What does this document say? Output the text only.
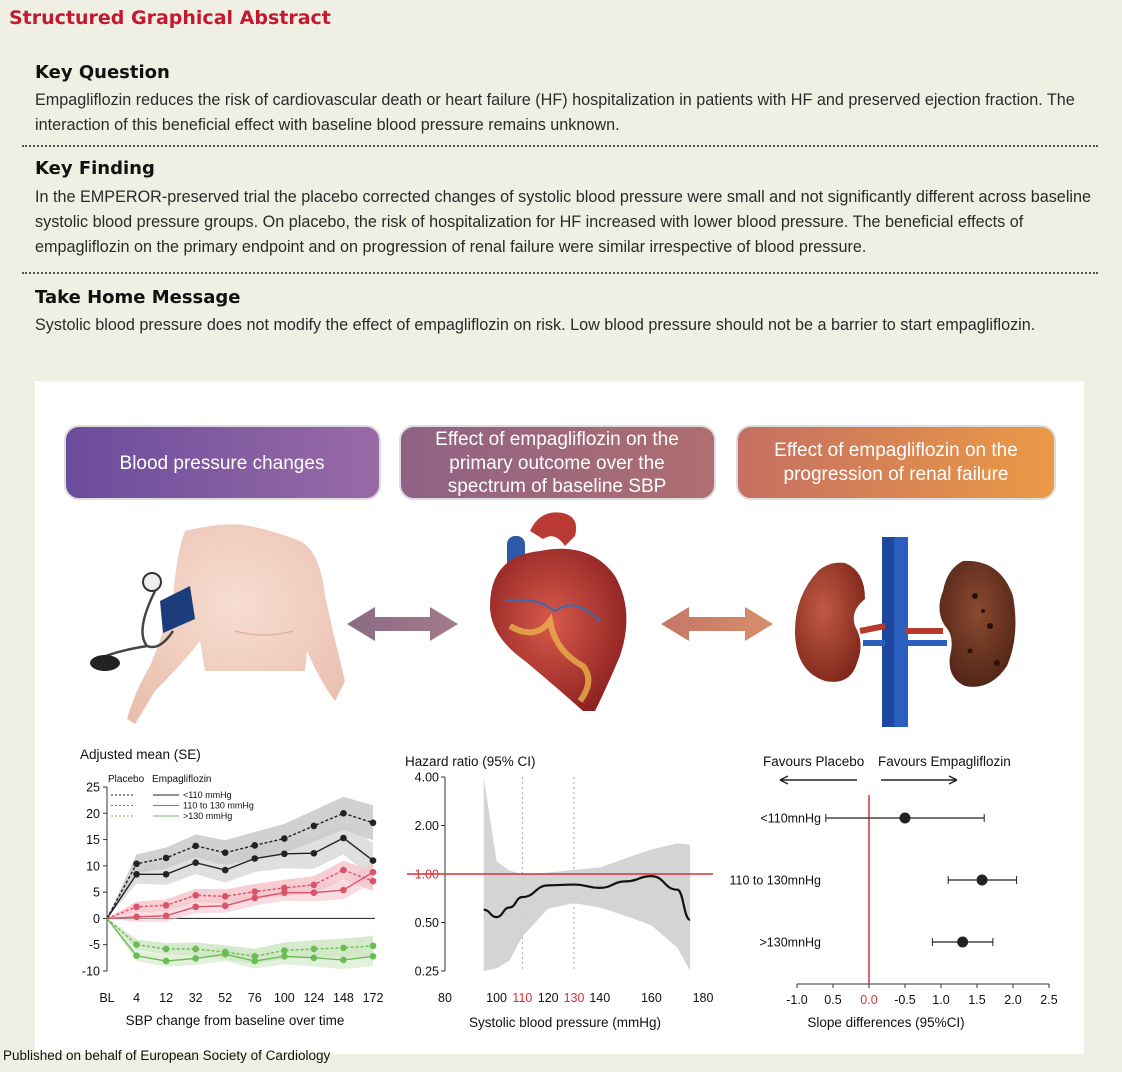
Structured Graphical Abstract
Key Question
Empagliflozin reduces the risk of cardiovascular death or heart failure (HF) hospitalization in patients with HF and preserved ejection fraction. The interaction of this beneficial effect with baseline blood pressure remains unknown.
Key Finding
In the EMPEROR-preserved trial the placebo corrected changes of systolic blood pressure were small and not significantly different across baseline systolic blood pressure groups. On placebo, the risk of hospitalization for HF increased with lower blood pressure. The beneficial effects of empagliflozin on the primary endpoint and on progression of renal failure were similar irrespective of blood pressure.
Take Home Message
Systolic blood pressure does not modify the effect of empagliflozin on risk. Low blood pressure should not be a barrier to start empagliflozin.
Blood pressure changes
Effect of empagliflozin on the
primary outcome over the
spectrum of baseline SBP
Effect of empagliflozin on the
progression of renal failure
Adjusted mean (SE)
Placebo Empagliflozin
<110 mmHg
110 to 130 mmHg
>130 mmHg
25
20
15
10
5
0
-5
-10
BL 4 12 32 52 76 100 124 148 172
SBP change from baseline over time
Hazard ratio (95% CI)
4.00
2.00
1.00
0.50
0.25
80	100 110 120 130 140 160 180
Systolic blood pressure (mmHg)
Favours Placebo Favours Empagliflozin
-1.0 0.5 0.0 -0.5 1.0 1.5 2.0 2.5
<110mnHg
110 to 130mnHg
>130mnHg
Slope differences (95%CI)
Published on behalf of European Society of Cardiology
